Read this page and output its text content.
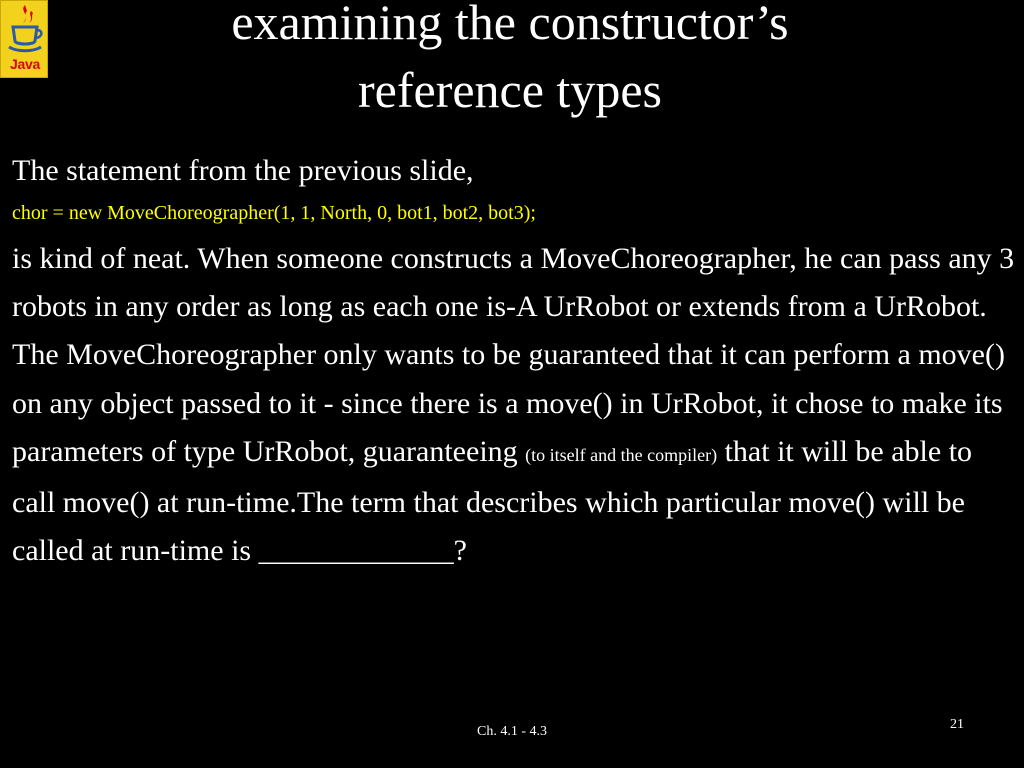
Java
examining the constructor’s
reference types

The statement from the previous slide,

chor = new MoveChoreographer(1, 1, North, 0, bot1, bot2, bot3);

is kind of neat. When someone constructs a MoveChoreographer, he can pass any 3 robots in any order as long as each one is-A UrRobot or extends from a UrRobot. The MoveChoreographer only wants to be guaranteed that it can perform a move() on any object passed to it - since there is a move() in UrRobot, it chose to make its parameters of type UrRobot, guaranteeing (to itself and the compiler) that it will be able to call move() at run-time.The term that describes which particular move() will be called at run-time is _____________?

Ch. 4.1 - 4.3	21
